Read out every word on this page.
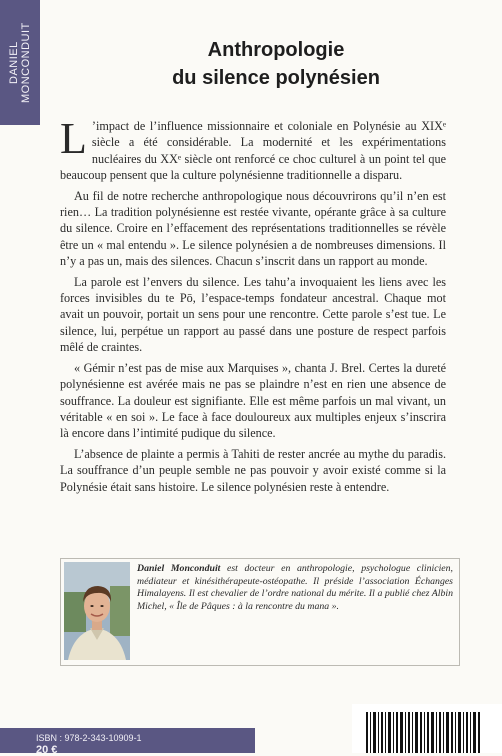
DANIEL MONCONDUIT	Anthropologie
du silence polynésien

L ’impact de l’influence missionnaire et coloniale en Polynésie au XIXᵉ siècle a été considérable. La modernité et les expérimentations nucléaires du XXᵉ siècle ont renforcé ce choc culturel à un point tel que beaucoup pensent que la culture polynésienne traditionnelle a disparu.

Au fil de notre recherche anthropologique nous découvrirons qu’il n’en est rien… La tradition polynésienne est restée vivante, opérante grâce à sa culture du silence. Croire en l’effacement des représentations traditionnelles se révèle être un « mal entendu ». Le silence polynésien a de nombreuses dimensions. Il n’y a pas un, mais des silences. Chacun s’inscrit dans un rapport au monde.

La parole est l’envers du silence. Les tahu’a invoquaient les liens avec les forces invisibles du te Pō, l’espace-temps fondateur ancestral. Chaque mot avait un pouvoir, portait un sens pour une rencontre. Cette parole s’est tue. Le silence, lui, perpétue un rapport au passé dans une posture de respect parfois mêlé de craintes.

« Gémir n’est pas de mise aux Marquises », chanta J. Brel. Certes la dureté polynésienne est avérée mais ne pas se plaindre n’est en rien une absence de souffrance. La douleur est signifiante. Elle est même parfois un mal vivant, un véritable « en soi ». Le face à face douloureux aux multiples enjeux s’inscrira là encore dans l’intimité pudique du silence.

L’absence de plainte a permis à Tahiti de rester ancrée au mythe du paradis. La souffrance d’un peuple semble ne pas pouvoir y avoir existé comme si la Polynésie était sans histoire. Le silence polynésien reste à entendre.

Daniel Monconduit est docteur en anthropologie, psychologue clinicien, médiateur et kinésithérapeute-ostéopathe. Il préside l’association Échanges Himalayens. Il est chevalier de l’ordre national du mérite. Il a publié chez Albin Michel, « Île de Pâques : à la rencontre du mana ».
ISBN : 978-2-343-10909-1
20 €
